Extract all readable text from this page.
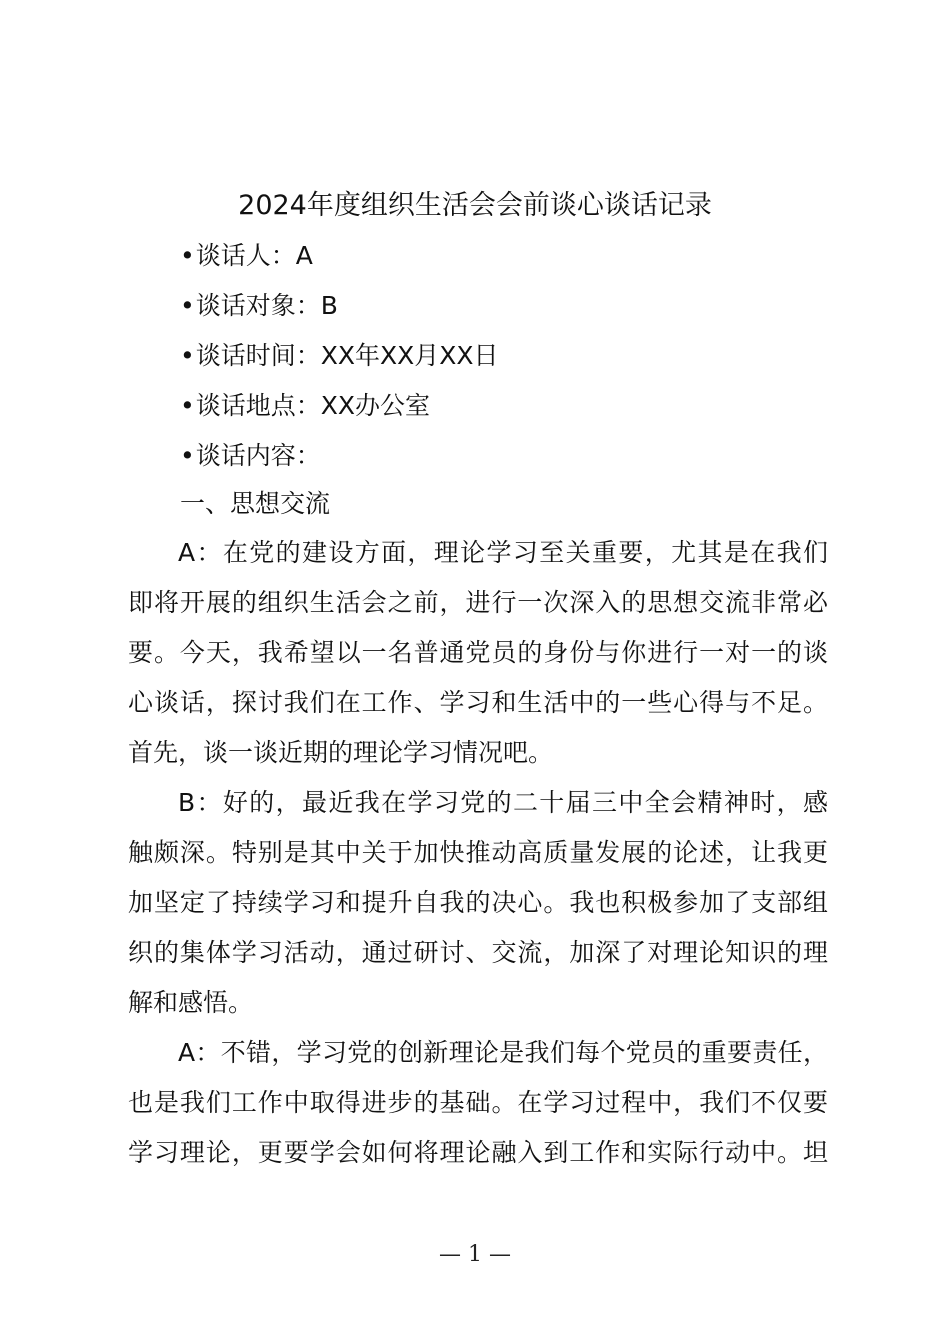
2024年度组织生活会会前谈心谈话记录
•谈话人：A
•谈话对象：B
•谈话时间：XX年XX月XX日
•谈话地点：XX办公室
•谈话内容：
一、思想交流
A：在党的建设方面，理论学习至关重要，尤其是在我们
即将开展的组织生活会之前，进行一次深入的思想交流非常必
要。今天，我希望以一名普通党员的身份与你进行一对一的谈
心谈话，探讨我们在工作、学习和生活中的一些心得与不足。
首先，谈一谈近期的理论学习情况吧。
B：好的，最近我在学习党的二十届三中全会精神时，感
触颇深。特别是其中关于加快推动高质量发展的论述，让我更
加坚定了持续学习和提升自我的决心。我也积极参加了支部组
织的集体学习活动，通过研讨、交流，加深了对理论知识的理
解和感悟。
A：不错，学习党的创新理论是我们每个党员的重要责任，
也是我们工作中取得进步的基础。在学习过程中，我们不仅要
学习理论，更要学会如何将理论融入到工作和实际行动中。坦
— 1 —
